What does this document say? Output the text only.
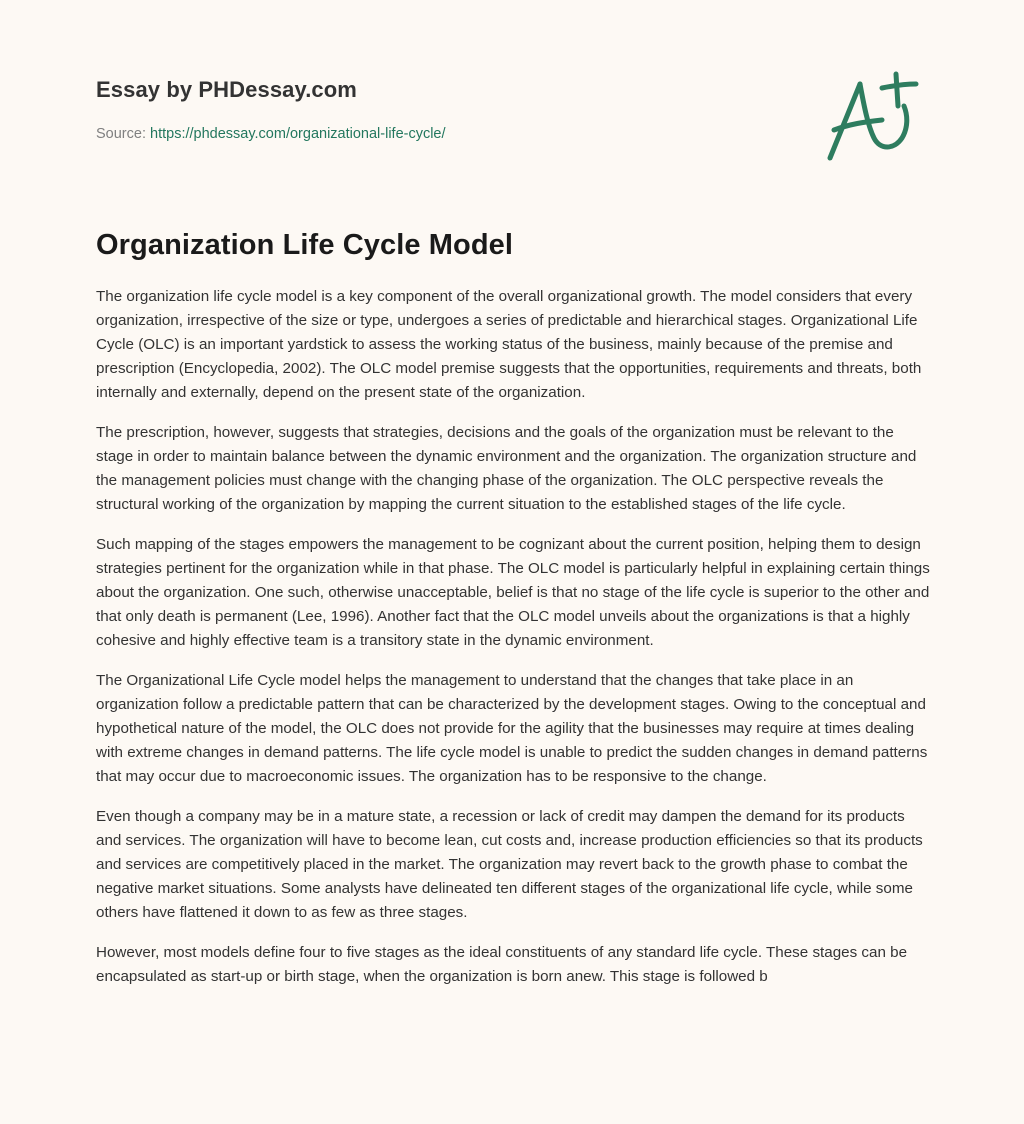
Essay by PHDessay.com
Source: https://phdessay.com/organizational-life-cycle/
Organization Life Cycle Model

The organization life cycle model is a key component of the overall organizational growth. The model considers that every organization, irrespective of the size or type, undergoes a series of predictable and hierarchical stages. Organizational Life Cycle (OLC) is an important yardstick to assess the working status of the business, mainly because of the premise and prescription (Encyclopedia, 2002). The OLC model premise suggests that the opportunities, requirements and threats, both internally and externally, depend on the present state of the organization.

The prescription, however, suggests that strategies, decisions and the goals of the organization must be relevant to the stage in order to maintain balance between the dynamic environment and the organization. The organization structure and the management policies must change with the changing phase of the organization. The OLC perspective reveals the structural working of the organization by mapping the current situation to the established stages of the life cycle.

Such mapping of the stages empowers the management to be cognizant about the current position, helping them to design strategies pertinent for the organization while in that phase. The OLC model is particularly helpful in explaining certain things about the organization. One such, otherwise unacceptable, belief is that no stage of the life cycle is superior to the other and that only death is permanent (Lee, 1996). Another fact that the OLC model unveils about the organizations is that a highly cohesive and highly effective team is a transitory state in the dynamic environment.

The Organizational Life Cycle model helps the management to understand that the changes that take place in an organization follow a predictable pattern that can be characterized by the development stages. Owing to the conceptual and hypothetical nature of the model, the OLC does not provide for the agility that the businesses may require at times dealing with extreme changes in demand patterns. The life cycle model is unable to predict the sudden changes in demand patterns that may occur due to macroeconomic issues. The organization has to be responsive to the change.

Even though a company may be in a mature state, a recession or lack of credit may dampen the demand for its products and services. The organization will have to become lean, cut costs and, increase production efficiencies so that its products and services are competitively placed in the market. The organization may revert back to the growth phase to combat the negative market situations. Some analysts have delineated ten different stages of the organizational life cycle, while some others have flattened it down to as few as three stages.

However, most models define four to five stages as the ideal constituents of any standard life cycle. These stages can be encapsulated as start-up or birth stage, when the organization is born anew. This stage is followed b
